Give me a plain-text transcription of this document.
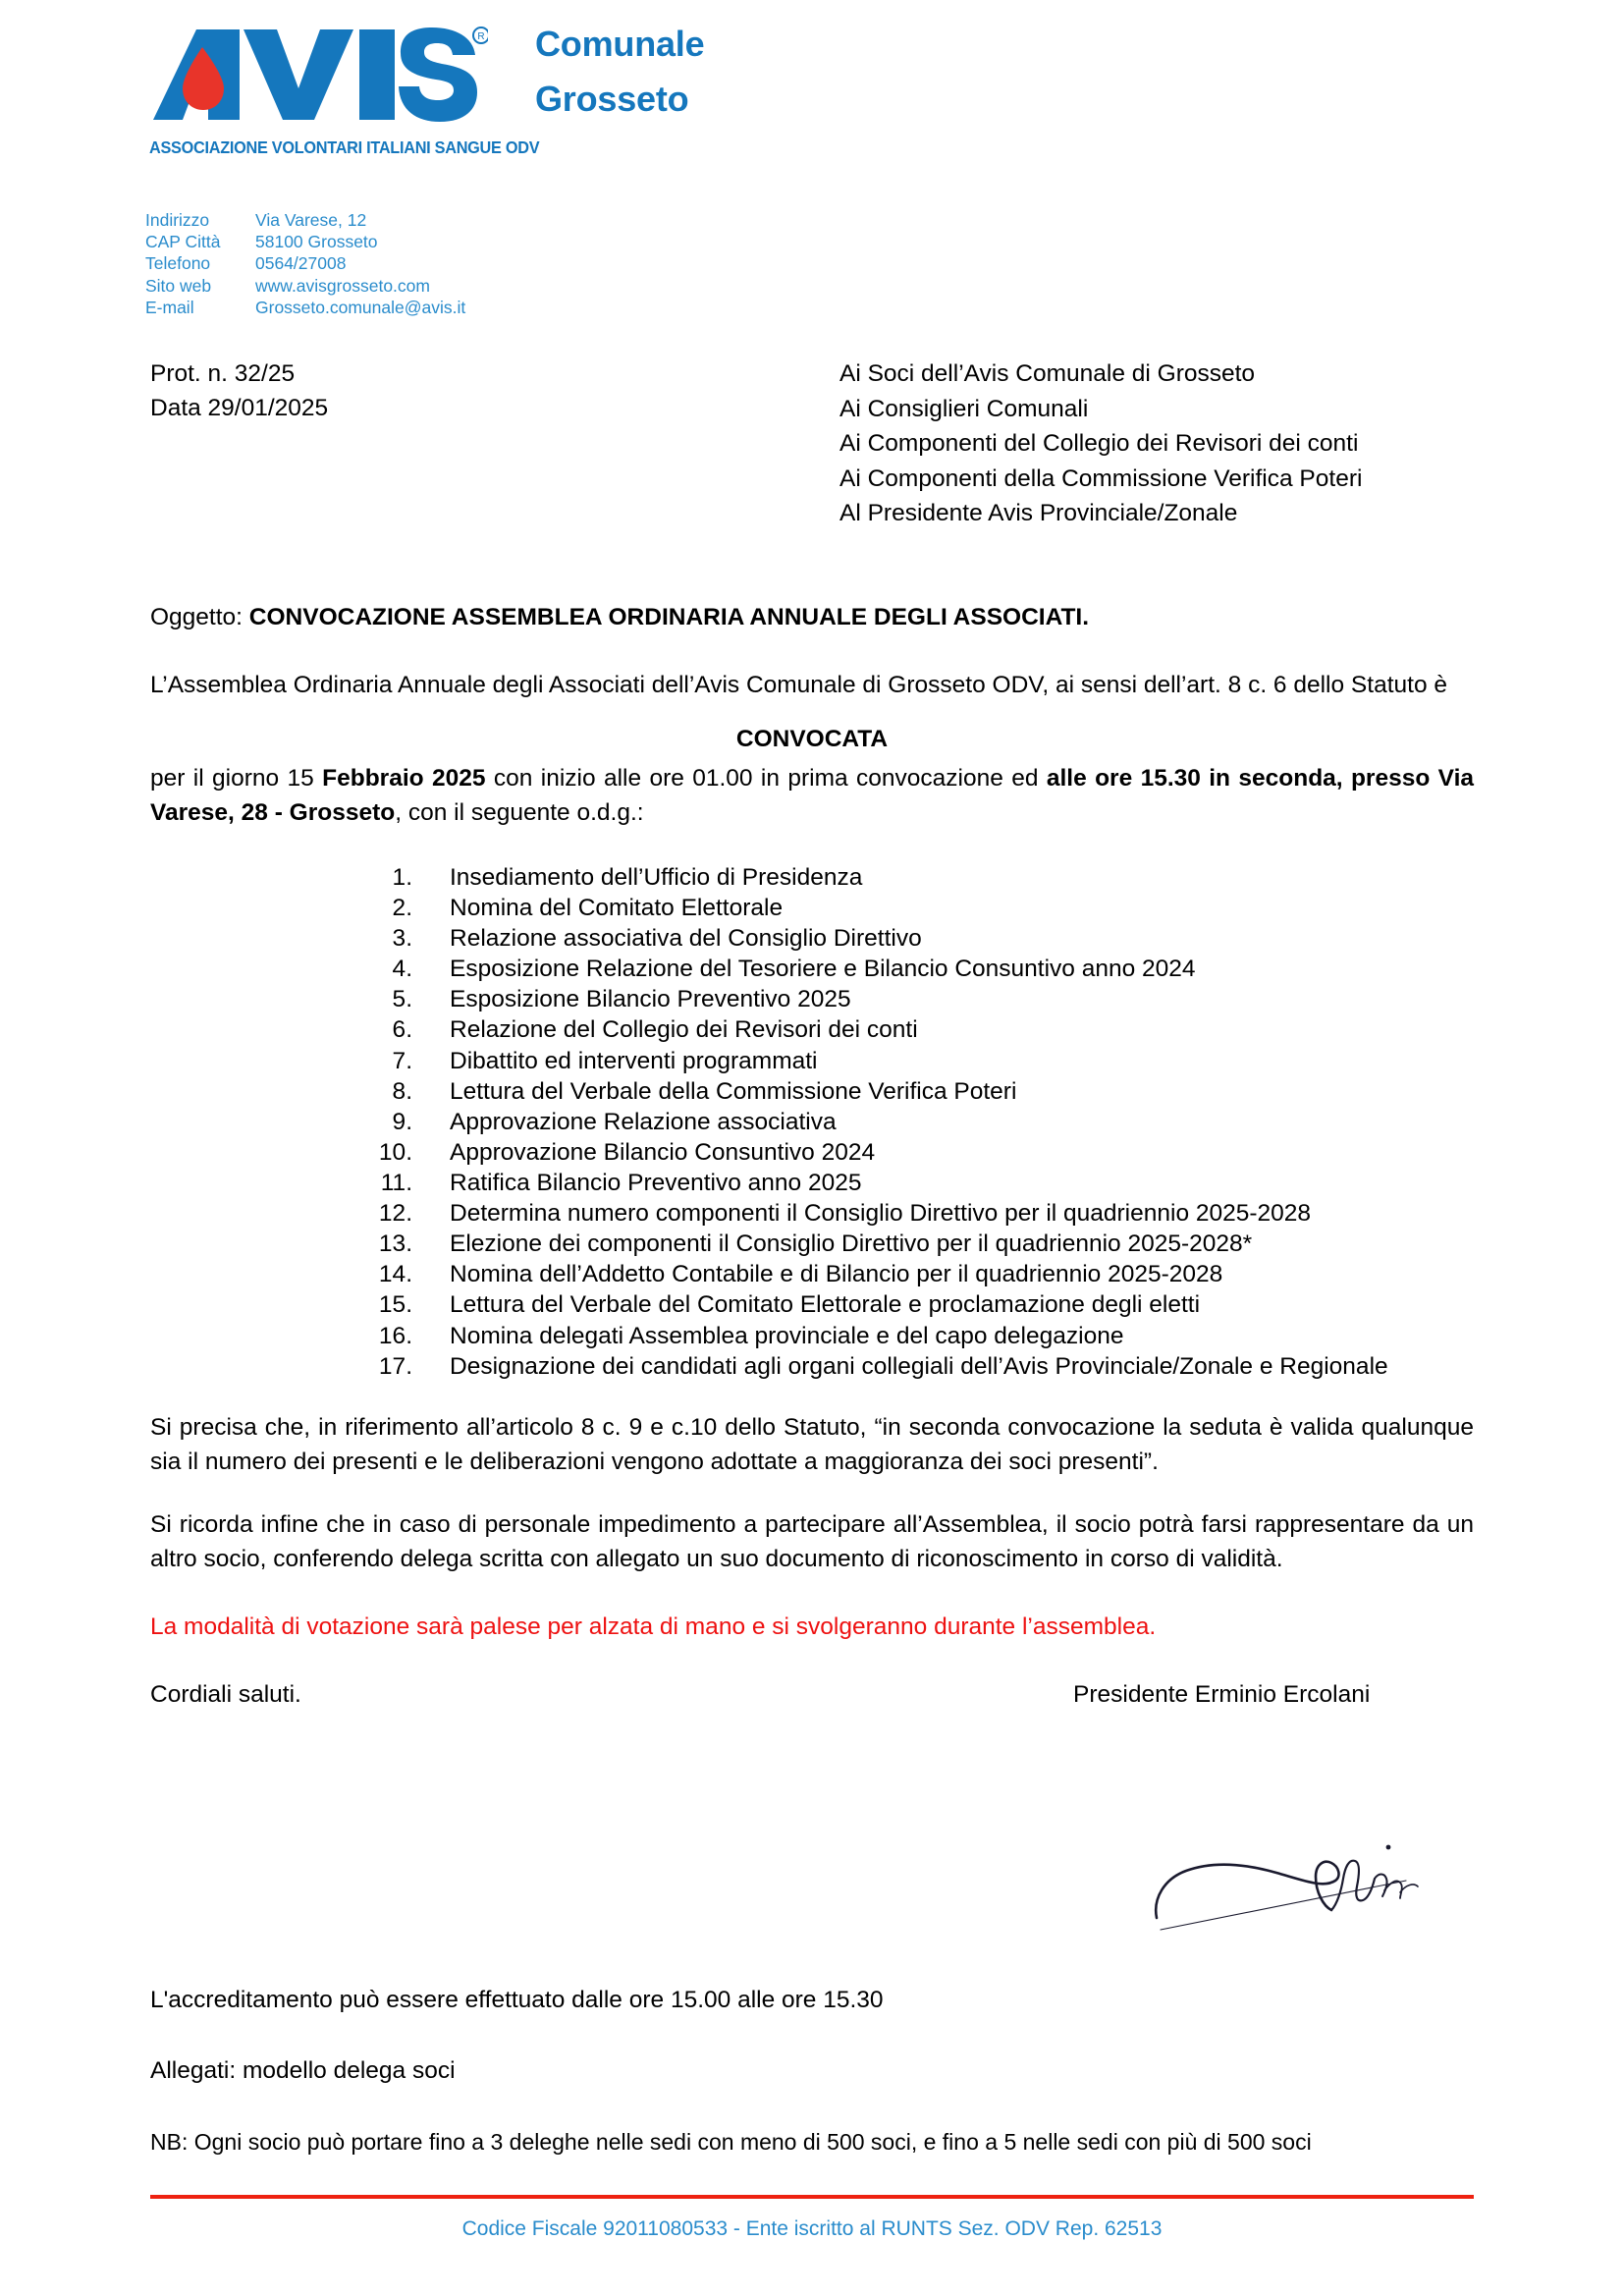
R
ASSOCIAZIONE VOLONTARI ITALIANI SANGUE ODV
Comunale
Grosseto
Indirizzo	Via Varese, 12
CAP Città	58100 Grosseto
Telefono	0564/27008
Sito web	www.avisgrosseto.com
E-mail	Grosseto.comunale@avis.it
Prot. n. 32/25
Data 29/01/2025
Ai Soci dell’Avis Comunale di Grosseto
Ai Consiglieri Comunali
Ai Componenti del Collegio dei Revisori dei conti
Ai Componenti della Commissione Verifica Poteri
Al Presidente Avis Provinciale/Zonale
Oggetto: CONVOCAZIONE ASSEMBLEA ORDINARIA ANNUALE DEGLI ASSOCIATI.

L’Assemblea Ordinaria Annuale degli Associati dell’Avis Comunale di Grosseto ODV, ai sensi dell’art. 8 c. 6 dello Statuto è

CONVOCATA

per il giorno 15 Febbraio 2025 con inizio alle ore 01.00 in prima convocazione ed alle ore 15.30 in seconda, presso Via Varese, 28 - Grosseto, con il seguente o.d.g.:

Insediamento dell’Ufficio di Presidenza
Nomina del Comitato Elettorale
Relazione associativa del Consiglio Direttivo
Esposizione Relazione del Tesoriere e Bilancio Consuntivo anno 2024
Esposizione Bilancio Preventivo 2025
Relazione del Collegio dei Revisori dei conti
Dibattito ed interventi programmati
Lettura del Verbale della Commissione Verifica Poteri
Approvazione Relazione associativa
Approvazione Bilancio Consuntivo 2024
Ratifica Bilancio Preventivo anno 2025
Determina numero componenti il Consiglio Direttivo per il quadriennio 2025-2028
Elezione dei componenti il Consiglio Direttivo per il quadriennio 2025-2028*
Nomina dell’Addetto Contabile e di Bilancio per il quadriennio 2025-2028
Lettura del Verbale del Comitato Elettorale e proclamazione degli eletti
Nomina delegati Assemblea provinciale e del capo delegazione
Designazione dei candidati agli organi collegiali dell’Avis Provinciale/Zonale e Regionale

Si precisa che, in riferimento all’articolo 8 c. 9 e c.10 dello Statuto, “in seconda convocazione la seduta è valida qualunque sia il numero dei presenti e le deliberazioni vengono adottate a maggioranza dei soci presenti”.

Si ricorda infine che in caso di personale impedimento a partecipare all’Assemblea, il socio potrà farsi rappresentare da un altro socio, conferendo delega scritta con allegato un suo documento di riconoscimento in corso di validità.

La modalità di votazione sarà palese per alzata di mano e si svolgeranno durante l’assemblea.

Cordiali saluti.	Presidente Erminio Ercolani
L'accreditamento può essere effettuato dalle ore 15.00 alle ore 15.30
Allegati: modello delega soci
NB: Ogni socio può portare fino a 3 deleghe nelle sedi con meno di 500 soci, e fino a 5 nelle sedi con più di 500 soci
Codice Fiscale 92011080533 - Ente iscritto al RUNTS Sez. ODV Rep. 62513
